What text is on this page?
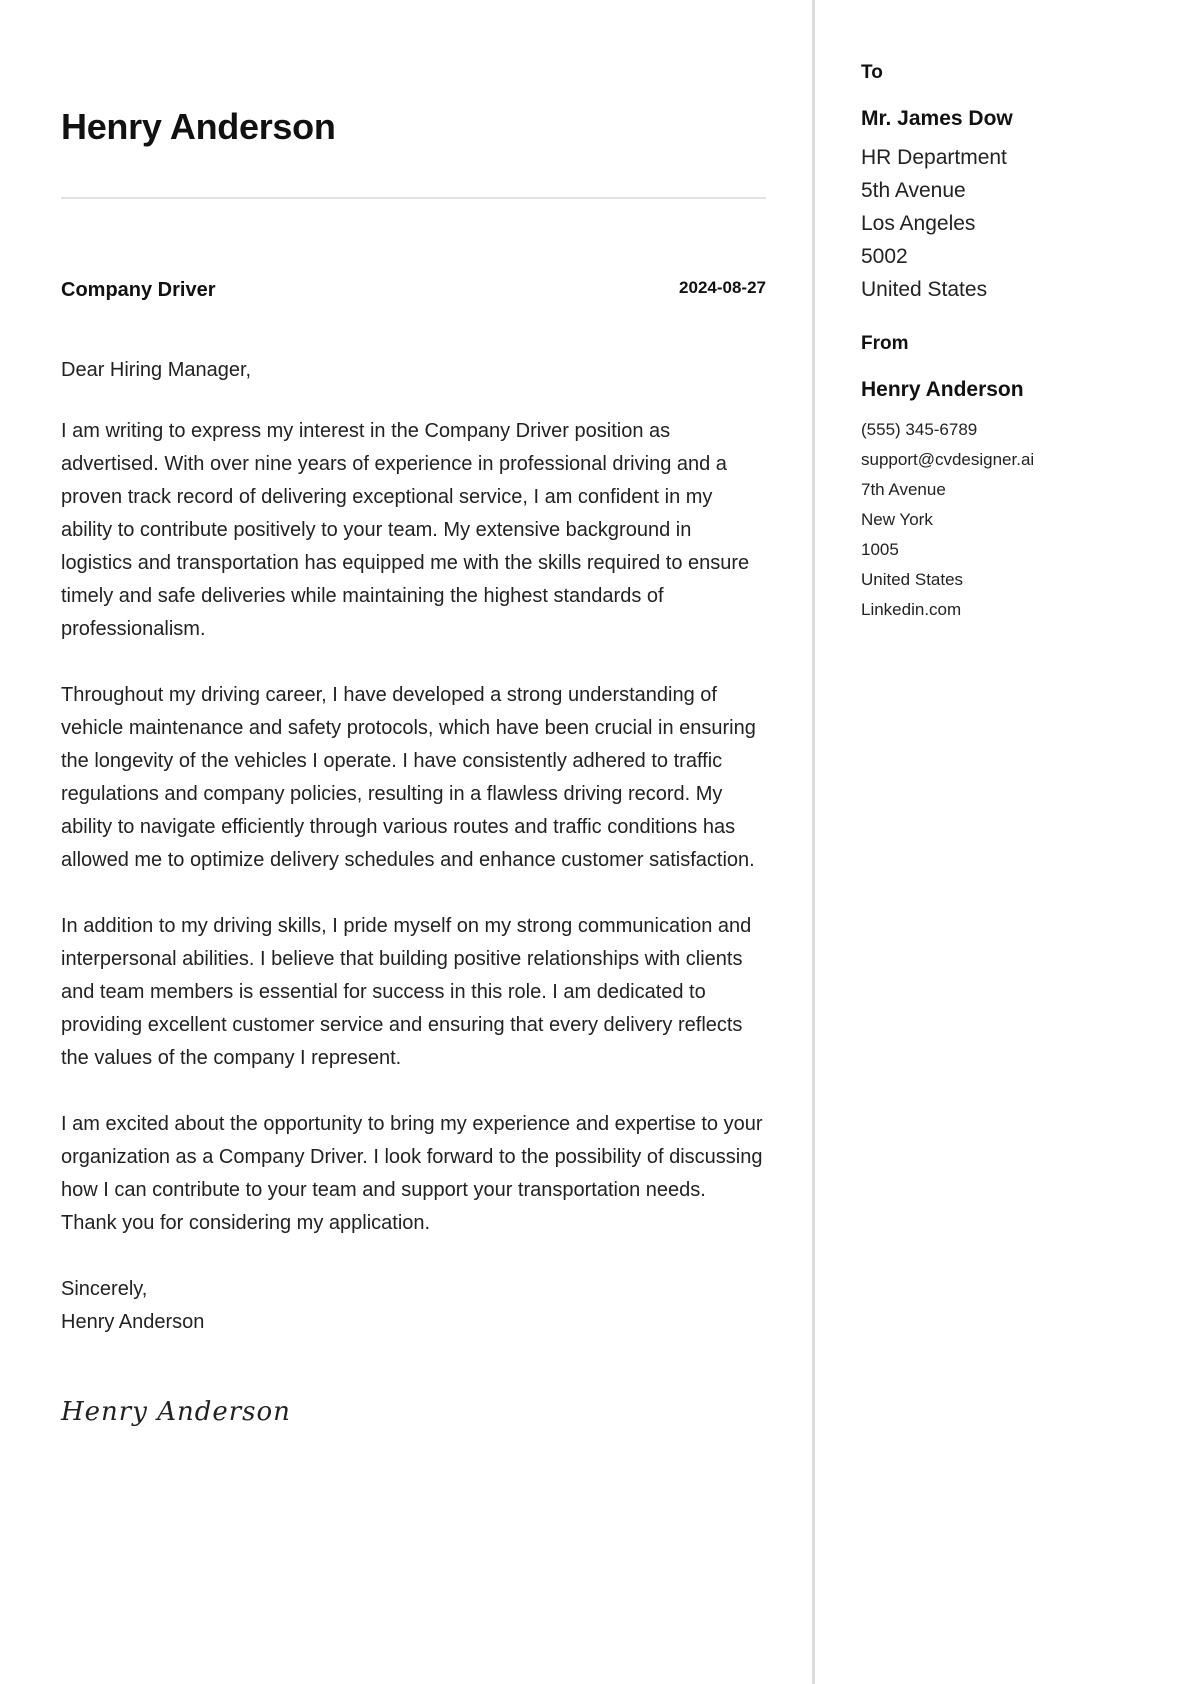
Henry Anderson
Company Driver	2024-08-27

Dear Hiring Manager,

I am writing to express my interest in the Company Driver position as advertised. With over nine years of experience in professional driving and a proven track record of delivering exceptional service, I am confident in my ability to contribute positively to your team. My extensive background in logistics and transportation has equipped me with the skills required to ensure timely and safe deliveries while maintaining the highest standards of professionalism.

Throughout my driving career, I have developed a strong understanding of vehicle maintenance and safety protocols, which have been crucial in ensuring the longevity of the vehicles I operate. I have consistently adhered to traffic regulations and company policies, resulting in a flawless driving record. My ability to navigate efficiently through various routes and traffic conditions has allowed me to optimize delivery schedules and enhance customer satisfaction.

In addition to my driving skills, I pride myself on my strong communication and interpersonal abilities. I believe that building positive relationships with clients and team members is essential for success in this role. I am dedicated to providing excellent customer service and ensuring that every delivery reflects the values of the company I represent.

I am excited about the opportunity to bring my experience and expertise to your organization as a Company Driver. I look forward to the possibility of discussing how I can contribute to your team and support your transportation needs. Thank you for considering my application.

Sincerely,
Henry Anderson
Henry Anderson
To
Mr. James Dow
HR Department
5th Avenue
Los Angeles
5002
United States
From
Henry Anderson
(555) 345-6789
support@cvdesigner.ai
7th Avenue
New York
1005
United States
Linkedin.com
